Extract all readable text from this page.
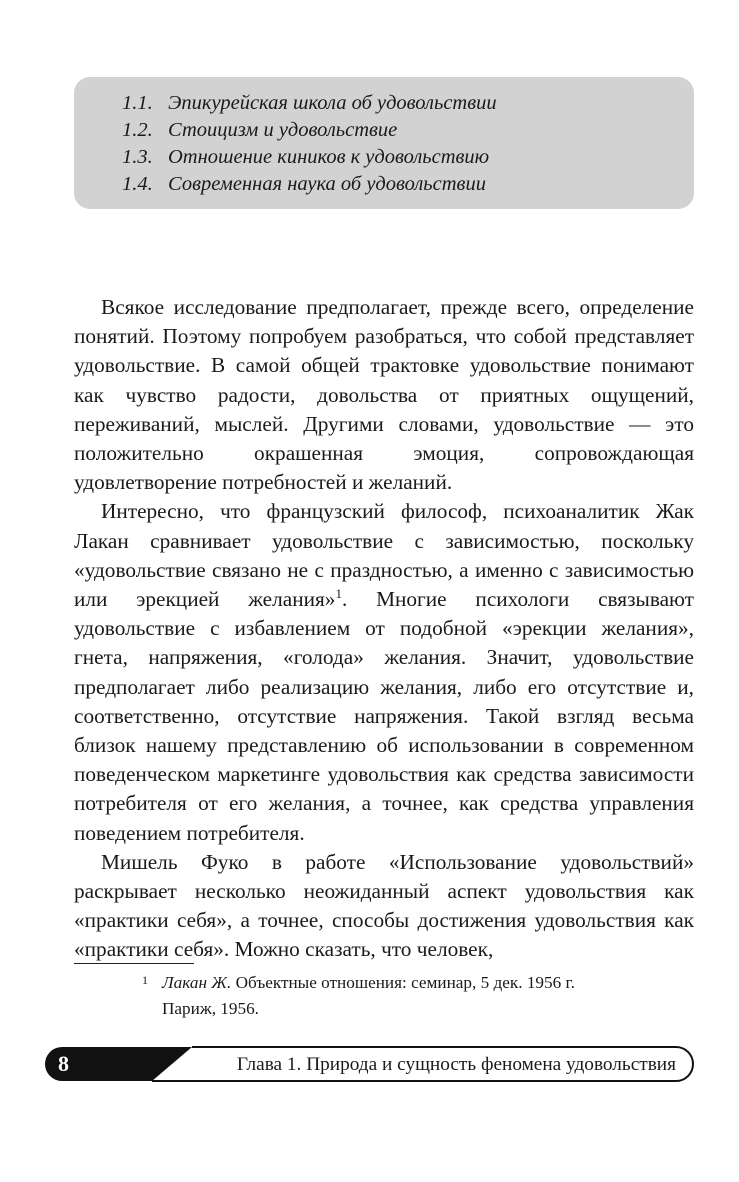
1.1. Эпикурейская школа об удовольствии
1.2. Стоицизм и удовольствие
1.3. Отношение киников к удовольствию
1.4. Современная наука об удовольствии

Всякое исследование предполагает, прежде всего, определение понятий. Поэтому попробуем разобраться, что собой представляет удовольствие. В самой общей трактовке удовольствие понимают как чувство радости, довольства от приятных ощущений, переживаний, мыслей. Другими словами, удовольствие — это положительно окрашенная эмоция, сопровождающая удовлетворение потребностей и желаний.

Интересно, что французский философ, психоаналитик Жак Лакан сравнивает удовольствие с зависимостью, поскольку «удовольствие связано не с праздностью, а именно с зависимостью или эрекцией желания»$^1$. Многие психологи связывают удовольствие с избавлением от подобной «эрекции желания», гнета, напряжения, «голода» желания. Значит, удовольствие предполагает либо реализацию желания, либо его отсутствие и, соответственно, отсутствие напряжения. Такой взгляд весьма близок нашему представлению об использовании в современном поведенческом маркетинге удовольствия как средства зависимости потребителя от его желания, а точнее, как средства управления поведением потребителя.

Мишель Фуко в работе «Использование удовольствий» раскрывает несколько неожиданный аспект удовольствия как «практики себя», а точнее, способы достижения удовольствия как «практики себя». Можно сказать, что человек,

1 Лакан Ж. Объектные отношения: семинар, 5 дек. 1956 г.
Париж, 1956.
8	Глава 1. Природа и сущность феномена удовольствия
